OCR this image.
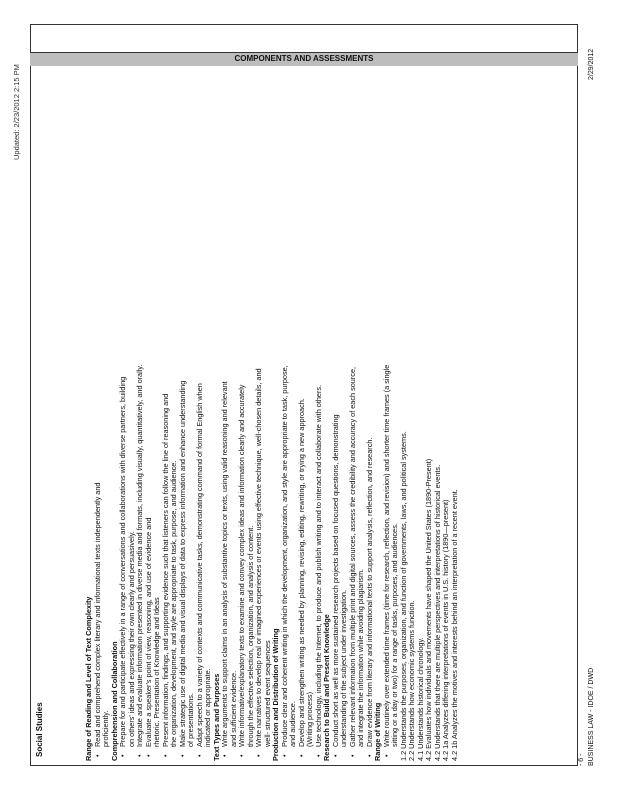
Updated: 2/23/2012 2:15 PM
Social Studies	Range of Reading and Level of Text Complexity •
Read and comprehend complex literary and informational texts independently and proficiently. Comprehension and Collaboration •
Prepare for and participate effectively in a range of conversations and collaborations with diverse partners, building on others' ideas and expressing their own clearly and persuasively.
•
Integrate and evaluate information presented in diverse media and formats, including visually, quantitatively, and orally.
•
Evaluate a speaker's point of view, reasoning, and use of evidence and rhetoric. Presentation of Knowledge and Ideas
•
Present information, findings, and supporting evidence such that listeners can follow the line of reasoning and the organization, development, and style are appropriate to task, purpose, and audience.
•
Make strategic use of digital media and visual displays of data to express information and enhance understanding of presentations.
•
Adapt speech to a variety of contexts and communicative tasks, demonstrating command of formal English when indicated or appropriate. Text Types and Purposes •
Write arguments to support claims in an analysis of substantive topics or texts, using valid reasoning and relevant and sufficient evidence.
•
Write informative/explanatory texts to examine and convey complex ideas and information clearly and accurately through the effective selection, organization, and analysis of content.
•
Write narratives to develop real or imagined experiences or events using effective technique, well-chosen details, and well- structured event sequences Production and Distribution of Writing •
Produce clear and coherent writing in which the development, organization, and style are appropriate to task, purpose, and audience.
•
Develop and strengthen writing as needed by planning, revising, editing, rewriting, or trying a new approach. (Writing process)
•
Use technology, including the Internet, to produce and publish writing and to interact and collaborate with others. Research to Build and Present Knowledge •
Conduct short as well as more sustained research projects based on focused questions, demonstrating understanding of the subject under investigation.
•
Gather relevant information from multiple print and digital sources, assess the credibility and accuracy of each source, and integrate the information while avoiding plagiarism.
•
Draw evidence from literary and informational texts to support analysis, reflection, and research. Range of Writing •
Write routinely over extended time frames (time for research, reflection, and revision) and shorter time frames (a single sitting or a day or two) for a range of tasks, purposes, and audiences. 1.2 Understands the purposes, organization, and function of governments, laws, and political systems. 2.2 Understands how economic systems function. 4.1 Understands historical chronology. 4.2 Evaluates how individuals and movements have shaped the United States (1890-Present) 4.2 Understands that there are multiple perspectives and interpretations of historical events. 4.2 1a Analyzes differing interpretations of events in U.S. history (1890—present) 4.2 1b Analyzes the motives and interests behind an interpretation of a recent event.
COMPONENTS AND ASSESSMENTS
- 6 - BUSINESS LAW - IDOE / DWD
2/29/2012
